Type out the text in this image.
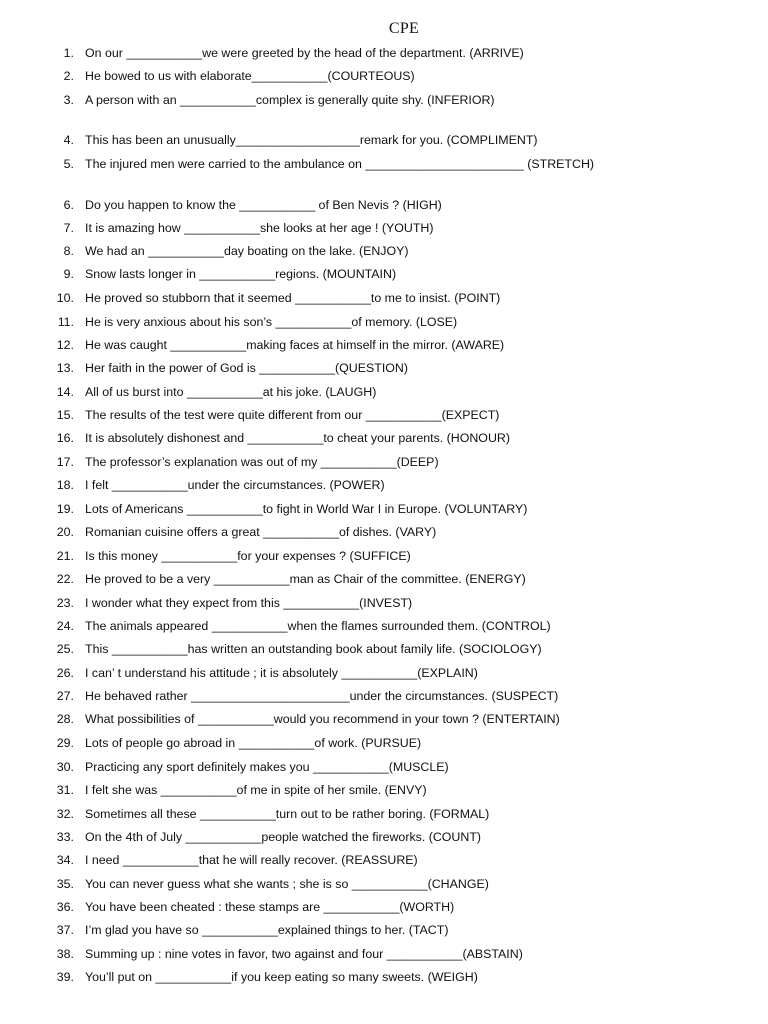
CPE
1. On our ___________we were greeted by the head of the department. (ARRIVE)
2. He bowed to us with elaborate___________(COURTEOUS)
3. A person with an ___________complex is generally quite shy. (INFERIOR)
4. This has been an unusually__________________remark for you. (COMPLIMENT)
5. The injured men were carried to the ambulance on _______________________ (STRETCH)
6. Do you happen to know the ___________ of Ben Nevis ? (HIGH)
7. It is amazing how ___________she looks at her age ! (YOUTH)
8. We had an ___________day boating on the lake. (ENJOY)
9. Snow lasts longer in ___________regions. (MOUNTAIN)
10. He proved so stubborn that it seemed ___________to me to insist. (POINT)
11. He is very anxious about his son’s ___________of memory. (LOSE)
12. He was caught ___________making faces at himself in the mirror. (AWARE)
13. Her faith in the power of God is ___________(QUESTION)
14. All of us burst into ___________at his joke. (LAUGH)
15. The results of the test were quite different from our ___________(EXPECT)
16. It is absolutely dishonest and ___________to cheat your parents. (HONOUR)
17. The professor’s explanation was out of my ___________(DEEP)
18. I felt ___________under the circumstances. (POWER)
19. Lots of Americans ___________to fight in World War I in Europe. (VOLUNTARY)
20. Romanian cuisine offers a great ___________of dishes. (VARY)
21. Is this money ___________for your expenses ? (SUFFICE)
22. He proved to be a very ___________man as Chair of the committee. (ENERGY)
23. I wonder what they expect from this ___________(INVEST)
24. The animals appeared ___________when the flames surrounded them. (CONTROL)
25. This ___________has written an outstanding book about family life. (SOCIOLOGY)
26. I can’ t understand his attitude ; it is absolutely ___________(EXPLAIN)
27. He behaved rather _______________________under the circumstances. (SUSPECT)
28. What possibilities of ___________would you recommend in your town ? (ENTERTAIN)
29. Lots of people go abroad in ___________of work. (PURSUE)
30. Practicing any sport definitely makes you ___________(MUSCLE)
31. I felt she was ___________of me in spite of her smile. (ENVY)
32. Sometimes all these ___________turn out to be rather boring. (FORMAL)
33. On the 4th of July ___________people watched the fireworks. (COUNT)
34. I need ___________that he will really recover. (REASSURE)
35. You can never guess what she wants ; she is so ___________(CHANGE)
36. You have been cheated : these stamps are ___________(WORTH)
37. I’m glad you have so ___________explained things to her. (TACT)
38. Summing up : nine votes in favor, two against and four ___________(ABSTAIN)
39. You’ll put on ___________if you keep eating so many sweets. (WEIGH)
